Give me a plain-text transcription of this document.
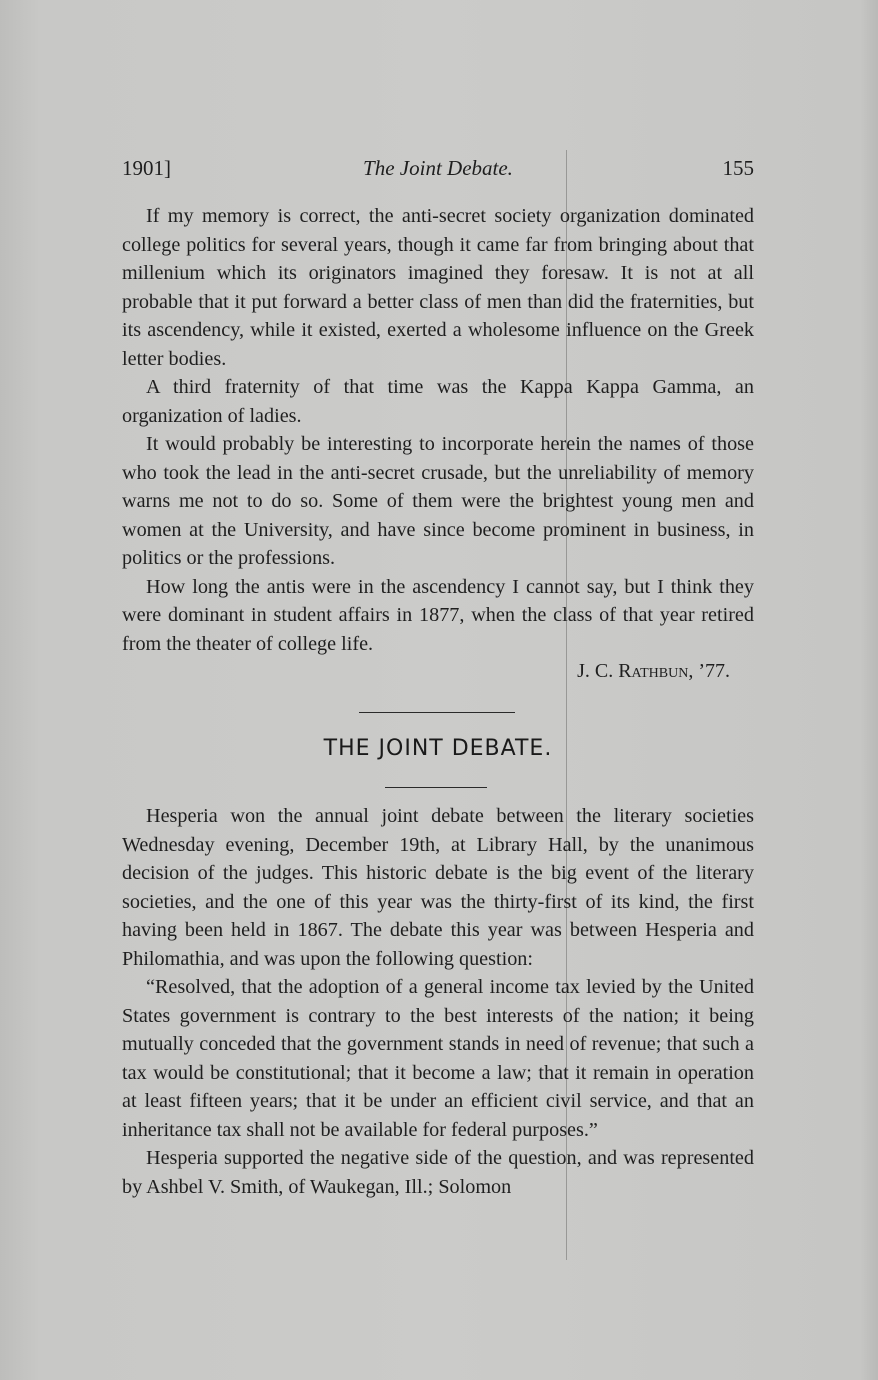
1901]	The Joint Debate.	155

If my memory is correct, the anti-secret society organization dominated college politics for several years, though it came far from bringing about that millenium which its originators imagined they foresaw. It is not at all probable that it put forward a better class of men than did the fraternities, but its ascendency, while it existed, exerted a wholesome influence on the Greek letter bodies.

A third fraternity of that time was the Kappa Kappa Gamma, an organization of ladies.

It would probably be interesting to incorporate herein the names of those who took the lead in the anti-secret crusade, but the unreliability of memory warns me not to do so. Some of them were the brightest young men and women at the University, and have since become prominent in business, in politics or the professions.

How long the antis were in the ascendency I cannot say, but I think they were dominant in student affairs in 1877, when the class of that year retired from the theater of college life.

J. C. Rathbun, ’77.
THE JOINT DEBATE.

Hesperia won the annual joint debate between the literary societies Wednesday evening, December 19th, at Library Hall, by the unanimous decision of the judges. This historic debate is the big event of the literary societies, and the one of this year was the thirty-first of its kind, the first having been held in 1867. The debate this year was between Hesperia and Philomathia, and was upon the following question:

“Resolved, that the adoption of a general income tax levied by the United States government is contrary to the best interests of the nation; it being mutually conceded that the government stands in need of revenue; that such a tax would be constitutional; that it become a law; that it remain in operation at least fifteen years; that it be under an efficient civil service, and that an inheritance tax shall not be available for federal purposes.”

Hesperia supported the negative side of the question, and was represented by Ashbel V. Smith, of Waukegan, Ill.; Solomon
